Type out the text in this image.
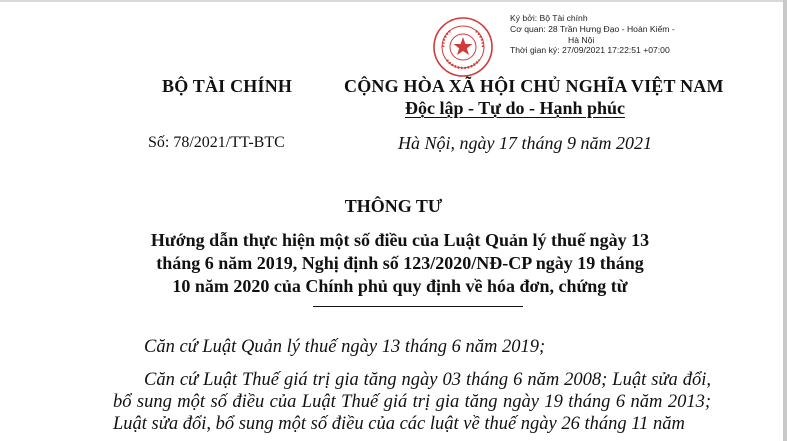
Ký bởi: Bộ Tài chính
Cơ quan: 28 Trần Hưng Đạo - Hoàn Kiếm -
Hà Nội
Thời gian ký: 27/09/2021 17:22:51 +07:00
BỘ TÀI CHÍNH	CỘNG HÒA XÃ HỘI CHỦ NGHĨA VIỆT NAM
Độc lập - Tự do - Hạnh phúc
Số: 78/2021/TT-BTC	Hà Nội, ngày 17 tháng 9 năm 2021
THÔNG TƯ
Hướng dẫn thực hiện một số điều của Luật Quản lý thuế ngày 13 tháng 6 năm 2019, Nghị định số 123/2020/NĐ-CP ngày 19 tháng 10 năm 2020 của Chính phủ quy định về hóa đơn, chứng từ

Căn cứ Luật Quản lý thuế ngày 13 tháng 6 năm 2019;

Căn cứ Luật Thuế giá trị gia tăng ngày 03 tháng 6 năm 2008; Luật sửa đổi, bổ sung một số điều của Luật Thuế giá trị gia tăng ngày 19 tháng 6 năm 2013; Luật sửa đổi, bổ sung một số điều của các luật về thuế ngày 26 tháng 11 năm
